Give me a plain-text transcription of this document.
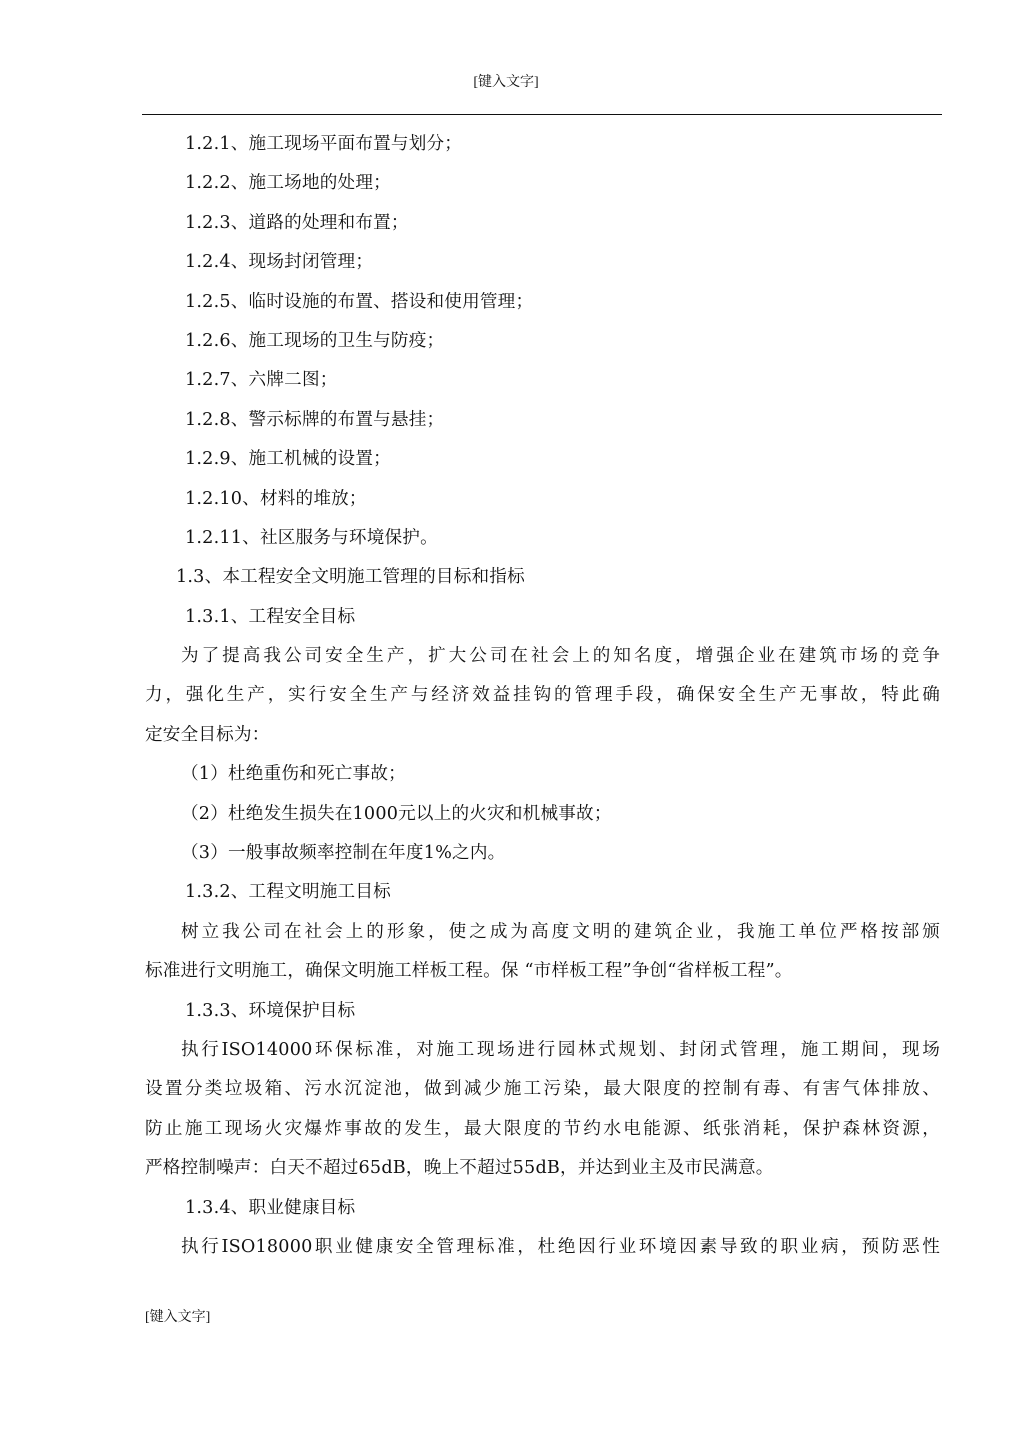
[键入文字]
1.2.1、施工现场平面布置与划分；
1.2.2、施工场地的处理；
1.2.3、道路的处理和布置；
1.2.4、现场封闭管理；
1.2.5、临时设施的布置、搭设和使用管理；
1.2.6、施工现场的卫生与防疫；
1.2.7、六牌二图；
1.2.8、警示标牌的布置与悬挂；
1.2.9、施工机械的设置；
1.2.10、材料的堆放；
1.2.11、社区服务与环境保护。
1.3、本工程安全文明施工管理的目标和指标
1.3.1、工程安全目标
为了提高我公司安全生产，扩大公司在社会上的知名度，增强企业在建筑市场的竞争
力，强化生产，实行安全生产与经济效益挂钩的管理手段，确保安全生产无事故，特此确
定安全目标为：
（1）杜绝重伤和死亡事故；
（2）杜绝发生损失在1000元以上的火灾和机械事故；
（3）一般事故频率控制在年度1%之内。
1.3.2、工程文明施工目标
树立我公司在社会上的形象，使之成为高度文明的建筑企业，我施工单位严格按部颁
标准进行文明施工，确保文明施工样板工程。保 “市样板工程”争创“省样板工程”。
1.3.3、环境保护目标
执行ISO14000环保标准，对施工现场进行园林式规划、封闭式管理，施工期间，现场
设置分类垃圾箱、污水沉淀池，做到减少施工污染，最大限度的控制有毒、有害气体排放、
防止施工现场火灾爆炸事故的发生，最大限度的节约水电能源、纸张消耗，保护森林资源，
严格控制噪声：白天不超过65dB，晚上不超过55dB，并达到业主及市民满意。
1.3.4、职业健康目标
执行ISO18000职业健康安全管理标准，杜绝因行业环境因素导致的职业病，预防恶性
[键入文字]
